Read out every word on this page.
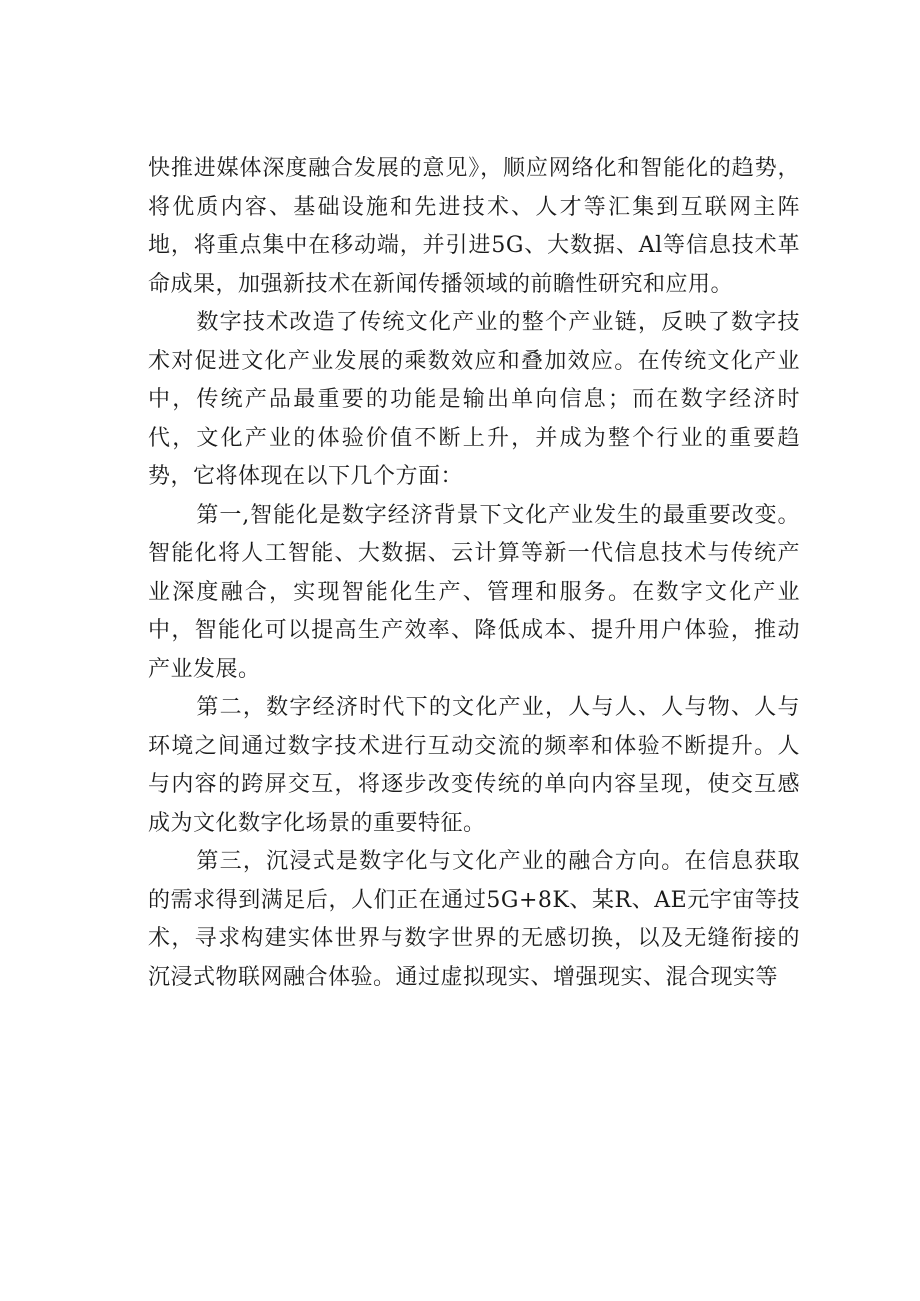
快推进媒体深度融合发展的意见》，顺应网络化和智能化的趋势，将优质内容、基础设施和先进技术、人才等汇集到互联网主阵地，将重点集中在移动端，并引进5G、大数据、Al等信息技术革命成果，加强新技术在新闻传播领域的前瞻性研究和应用。

数字技术改造了传统文化产业的整个产业链，反映了数字技术对促进文化产业发展的乘数效应和叠加效应。在传统文化产业中，传统产品最重要的功能是输出单向信息；而在数字经济时代，文化产业的体验价值不断上升，并成为整个行业的重要趋势，它将体现在以下几个方面：

第一,智能化是数字经济背景下文化产业发生的最重要改变。智能化将人工智能、大数据、云计算等新一代信息技术与传统产业深度融合，实现智能化生产、管理和服务。在数字文化产业中，智能化可以提高生产效率、降低成本、提升用户体验，推动产业发展。

第二，数字经济时代下的文化产业，人与人、人与物、人与环境之间通过数字技术进行互动交流的频率和体验不断提升。人与内容的跨屏交互，将逐步改变传统的单向内容呈现，使交互感成为文化数字化场景的重要特征。

第三，沉浸式是数字化与文化产业的融合方向。在信息获取的需求得到满足后，人们正在通过5G+8K、某R、AE元宇宙等技术，寻求构建实体世界与数字世界的无感切换，以及无缝衔接的沉浸式物联网融合体验。通过虚拟现实、增强现实、混合现实等
